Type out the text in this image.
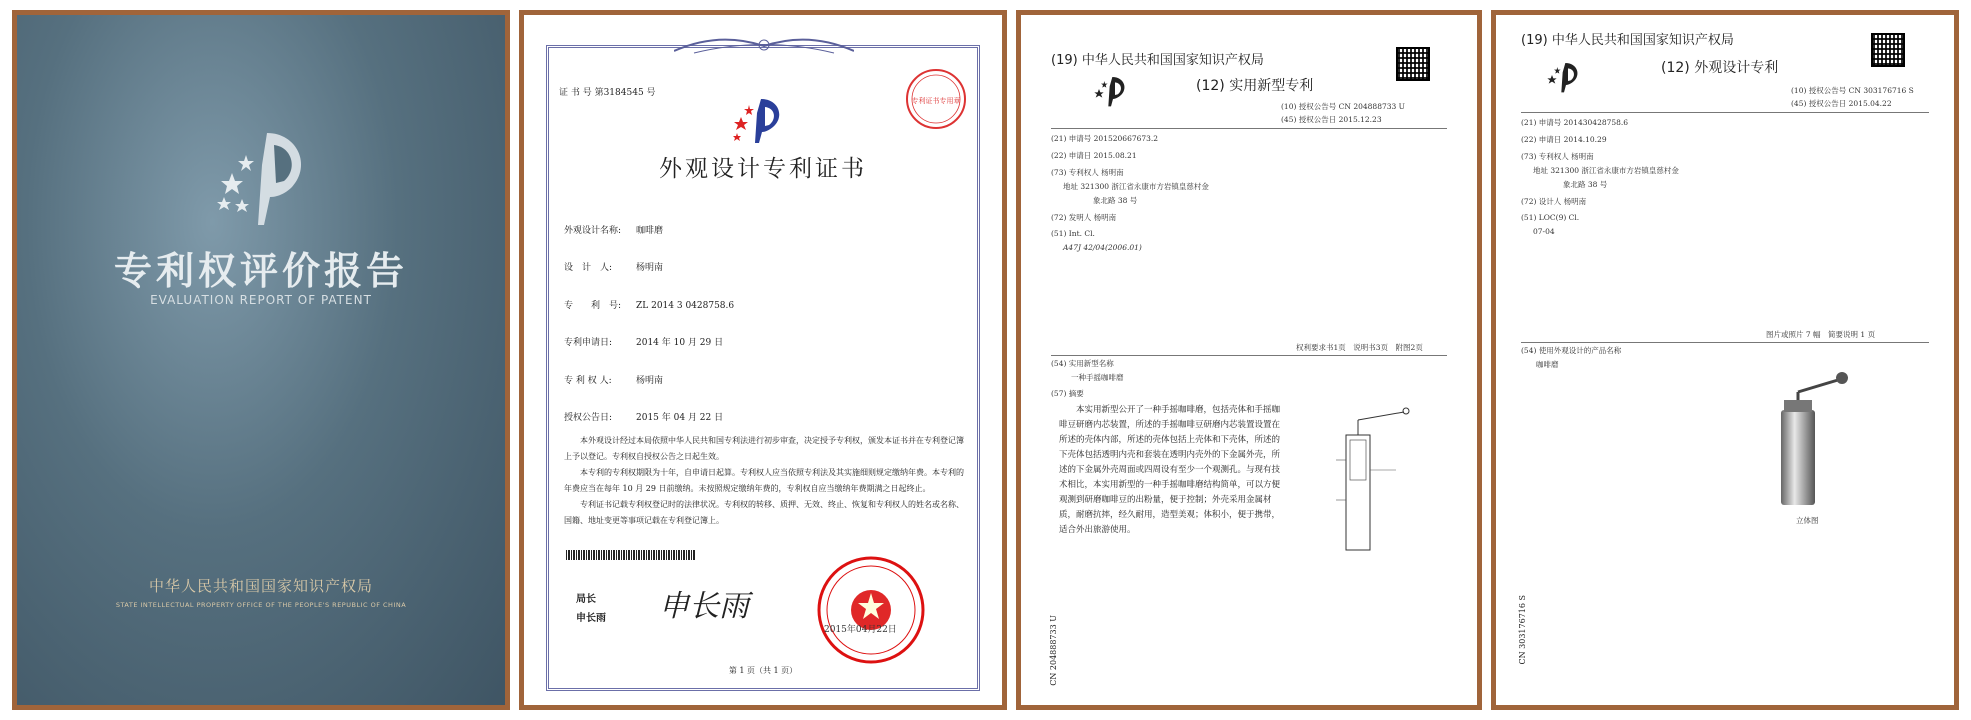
专利权评价报告
EVALUATION REPORT OF PATENT
中华人民共和国国家知识产权局
STATE INTELLECTUAL PROPERTY OFFICE OF THE PEOPLE'S REPUBLIC OF CHINA
证 书 号 第3184545 号
专利证书专用章
外观设计专利证书
外观设计名称: 咖啡磨
设　计　人:	杨明南
专　　利　号: ZL 2014 3 0428758.6
专利申请日:	2014 年 10 月 29 日
专 利 权 人:	杨明南
授权公告日:	2015 年 04 月 22 日
本外观设计经过本局依照中华人民共和国专利法进行初步审查，决定授予专利权，颁发本证书并在专利登记簿上予以登记。专利权自授权公告之日起生效。
本专利的专利权期限为十年，自申请日起算。专利权人应当依照专利法及其实施细则规定缴纳年费。本专利的年费应当在每年 10 月 29 日前缴纳。未按照规定缴纳年费的，专利权自应当缴纳年费期满之日起终止。
专利证书记载专利权登记时的法律状况。专利权的转移、质押、无效、终止、恢复和专利权人的姓名或名称、国籍、地址变更等事项记载在专利登记簿上。
局长
申长雨 申长雨
2015年04月22日
第 1 页（共 1 页）
(19) 中华人民共和国国家知识产权局
(12) 实用新型专利
(10) 授权公告号 CN 204888733 U
(45) 授权公告日 2015.12.23
(21) 申请号 201520667673.2
(22) 申请日 2015.08.21
(73) 专利权人 杨明南
地址 321300 浙江省永康市方岩镇皇慈村金
象北路 38 号
(72) 发明人 杨明南
(51) Int. Cl.
A47J 42/04(2006.01)
权利要求书1页　说明书3页　附图2页
(54) 实用新型名称
一种手摇咖啡磨
(57) 摘要
本实用新型公开了一种手摇咖啡磨，包括壳体和手摇咖啡豆研磨内芯装置，所述的手摇咖啡豆研磨内芯装置设置在所述的壳体内部，所述的壳体包括上壳体和下壳体，所述的下壳体包括透明内壳和套装在透明内壳外的下金属外壳，所述的下金属外壳周面或四周设有至少一个观测孔。与现有技术相比，本实用新型的一种手摇咖啡磨结构简单，可以方便观测到研磨咖啡豆的出粉量，便于控制；外壳采用金属材质，耐磨抗摔，经久耐用，造型美观；体积小，便于携带，适合外出旅游使用。
CN 204888733 U
(19) 中华人民共和国国家知识产权局
(12) 外观设计专利
(10) 授权公告号 CN 303176716 S
(45) 授权公告日 2015.04.22
(21) 申请号 201430428758.6
(22) 申请日 2014.10.29
(73) 专利权人 杨明南
地址 321300 浙江省永康市方岩镇皇慈村金
象北路 38 号
(72) 设计人 杨明南
(51) LOC(9) Cl.
07-04
图片或照片 7 幅　简要说明 1 页
(54) 使用外观设计的产品名称
咖啡磨
立体图
CN 303176716 S
